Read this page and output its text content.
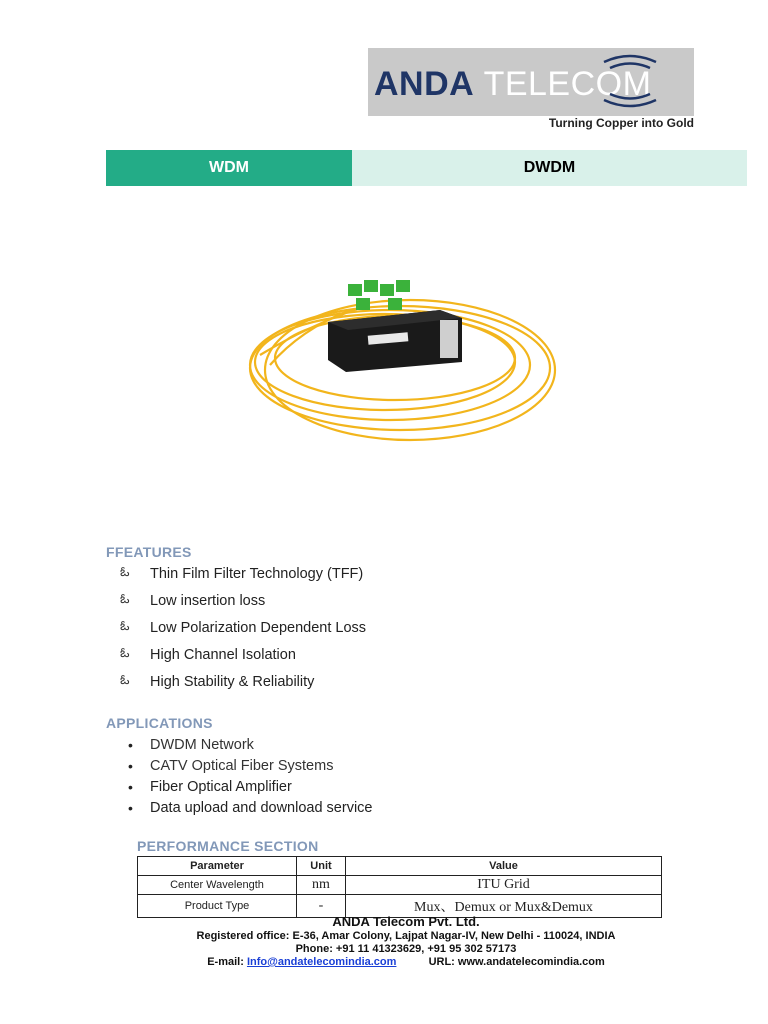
ANDA TELECOM
Turning Copper into Gold
WDM	DWDM
FFEATURES
ఓ	Thin Film Filter Technology (TFF)
ఓ	Low insertion loss
ఓ	Low Polarization Dependent Loss
ఓ	High Channel Isolation
ఓ	High Stability & Reliability
APPLICATIONS
•	DWDM Network
•	CATV Optical Fiber Systems
•	Fiber Optical Amplifier
•	Data upload and download service
PERFORMANCE SECTION
Parameter	Unit	Value
Center Wavelength	nm	ITU Grid
Product Type	-	Mux、Demux or Mux&Demux
ANDA Telecom Pvt. Ltd.
Registered office: E-36, Amar Colony, Lajpat Nagar-IV, New Delhi - 110024, INDIA
Phone: +91 11 41323629, +91 95 302 57173
E-mail: Info@andatelecomindia.com	URL: www.andatelecomindia.com
